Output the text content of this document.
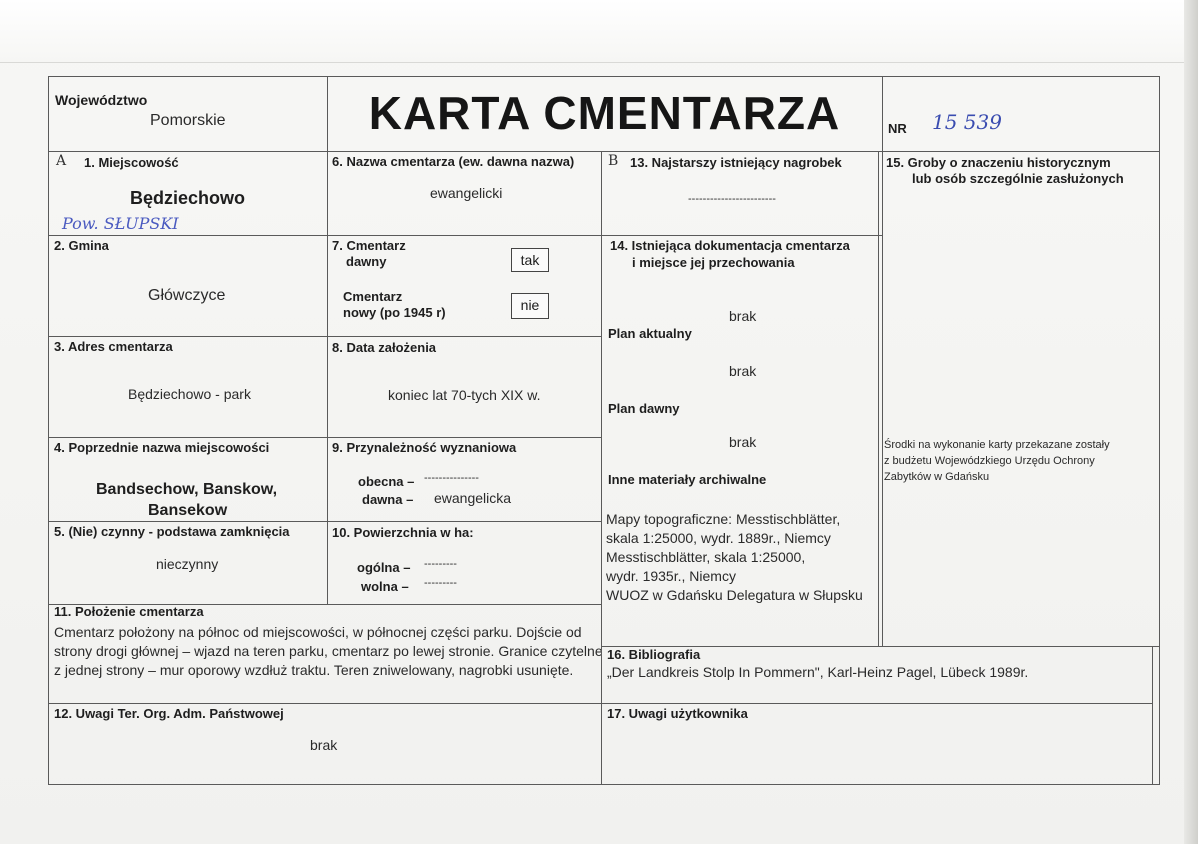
Województwo
Pomorskie	KARTA CMENTARZA	NR 15 539
A 1. Miejscowość
Będziechowo
Pow. SŁUPSKI
2. Gmina
Główczyce
3. Adres cmentarza
Będziechowo - park
4. Poprzednie nazwa miejscowości
Bandsechow, Banskow,
Bansekow
5. (Nie) czynny - podstawa zamknięcia
nieczynny
6. Nazwa cmentarza (ew. dawna nazwa)
ewangelicki
7. Cmentarz
dawny	tak
Cmentarz
nowy (po 1945 r)	nie
8. Data założenia
koniec lat 70-tych XIX w.
9. Przynależność wyznaniowa
obecna – ---------------
dawna – ewangelicka
10. Powierzchnia w ha:
ogólna – ---------
wolna – ---------
B 13. Najstarszy istniejący nagrobek
------------------------
14. Istniejąca dokumentacja cmentarza
i miejsce jej przechowania
brak
Plan aktualny
brak
Plan dawny
brak
Inne materiały archiwalne
Mapy topograficzne: Messtischblätter,
skala 1:25000, wydr. 1889r., Niemcy
Messtischblätter, skala 1:25000,
wydr. 1935r., Niemcy
WUOZ w Gdańsku Delegatura w Słupsku
15. Groby o znaczeniu historycznym
lub osób szczególnie zasłużonych
Środki na wykonanie karty przekazane zostały
z budżetu Wojewódzkiego Urzędu Ochrony
Zabytków w Gdańsku
11. Położenie cmentarza
Cmentarz położony na północ od miejscowości, w północnej części parku. Dojście od
strony drogi głównej – wjazd na teren parku, cmentarz po lewej stronie. Granice czytelne
z jednej strony – mur oporowy wzdłuż traktu. Teren zniwelowany, nagrobki usunięte.
16. Bibliografia
„Der Landkreis Stolp In Pommern", Karl-Heinz Pagel, Lübeck 1989r.
12. Uwagi Ter. Org. Adm. Państwowej
brak
17. Uwagi użytkownika
